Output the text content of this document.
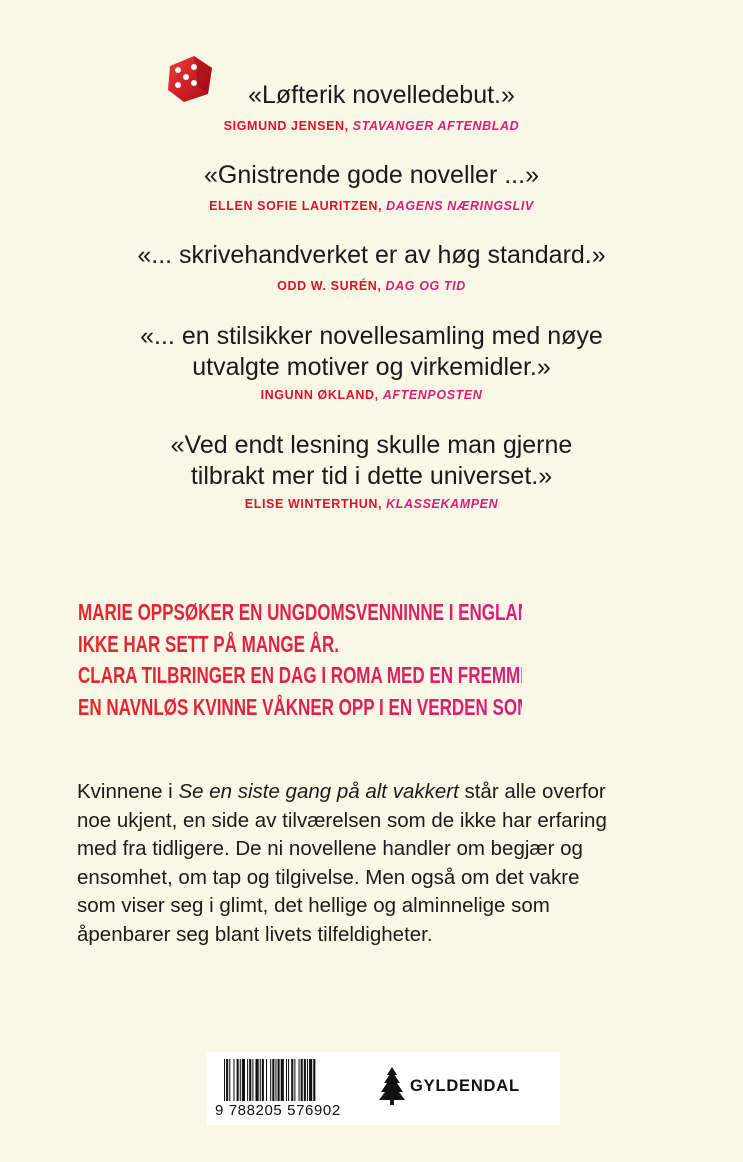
«Løfterik novelledebut.»
SIGMUND JENSEN, STAVANGER AFTENBLAD
«Gnistrende gode noveller ...»
ELLEN SOFIE LAURITZEN, DAGENS NÆRINGSLIV
«... skrivehandverket er av høg standard.»
ODD W. SURÉN, DAG OG TID
«... en stilsikker novellesamling med nøye
utvalgte motiver og virkemidler.»
INGUNN ØKLAND, AFTENPOSTEN
«Ved endt lesning skulle man gjerne
tilbrakt mer tid i dette universet.»
ELISE WINTERTHUN, KLASSEKAMPEN
MARIE OPPSØKER EN UNGDOMSVENNINNE I ENGLAND SOM HUN
IKKE HAR SETT PÅ MANGE ÅR.
CLARA TILBRINGER EN DAG I ROMA MED EN FREMMED MANN.
EN NAVNLØS KVINNE VÅKNER OPP I EN VERDEN SOM ER FORANDRET.
Kvinnene i Se en siste gang på alt vakkert står alle overfor
noe ukjent, en side av tilværelsen som de ikke har erfaring
med fra tidligere. De ni novellene handler om begjær og
ensomhet, om tap og tilgivelse. Men også om det vakre
som viser seg i glimt, det hellige og alminnelige som
åpenbarer seg blant livets tilfeldigheter.
9 788205 576902
GYLDENDAL
